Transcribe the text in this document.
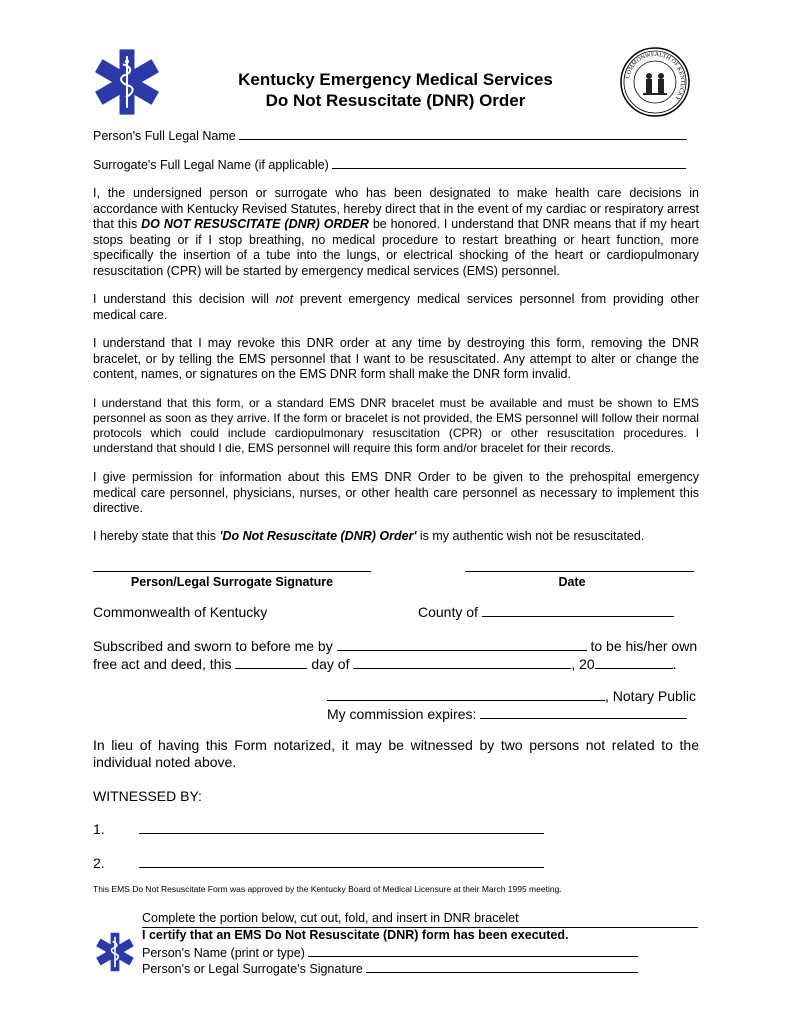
Kentucky Emergency Medical Services
Do Not Resuscitate (DNR) Order
COMMONWEALTH OF KENTUCKY
Person's Full Legal Name
Surrogate's Full Legal Name (if applicable)
I, the undersigned person or surrogate who has been designated to make health care decisions in accordance with Kentucky Revised Statutes, hereby direct that in the event of my cardiac or respiratory arrest that this DO NOT RESUSCITATE (DNR) ORDER be honored. I understand that DNR means that if my heart stops beating or if I stop breathing, no medical procedure to restart breathing or heart function, more specifically the insertion of a tube into the lungs, or electrical shocking of the heart or cardiopulmonary resuscitation (CPR) will be started by emergency medical services (EMS) personnel.
I understand this decision will not prevent emergency medical services personnel from providing other medical care.
I understand that I may revoke this DNR order at any time by destroying this form, removing the DNR bracelet, or by telling the EMS personnel that I want to be resuscitated. Any attempt to alter or change the content, names, or signatures on the EMS DNR form shall make the DNR form invalid.
I understand that this form, or a standard EMS DNR bracelet must be available and must be shown to EMS personnel as soon as they arrive. If the form or bracelet is not provided, the EMS personnel will follow their normal protocols which could include cardiopulmonary resuscitation (CPR) or other resuscitation procedures. I understand that should I die, EMS personnel will require this form and/or bracelet for their records.
I give permission for information about this EMS DNR Order to be given to the prehospital emergency medical care personnel, physicians, nurses, or other health care personnel as necessary to implement this directive.
I hereby state that this 'Do Not Resuscitate (DNR) Order' is my authentic wish not be resuscitated.
Person/Legal Surrogate Signature	Date
Commonwealth of Kentucky	County of
Subscribed and sworn to before me by	to be his/her own
free act and deed, this	day of	, 20	.
, Notary Public
My commission expires:
In lieu of having this Form notarized, it may be witnessed by two persons not related to the individual noted above.
WITNESSED BY:
1.
2.
This EMS Do Not Resuscitate Form was approved by the Kentucky Board of Medical Licensure at their March 1995 meeting.
Complete the portion below, cut out, fold, and insert in DNR bracelet
I certify that an EMS Do Not Resuscitate (DNR) form has been executed.
Person's Name (print or type)
Person's or Legal Surrogate's Signature
